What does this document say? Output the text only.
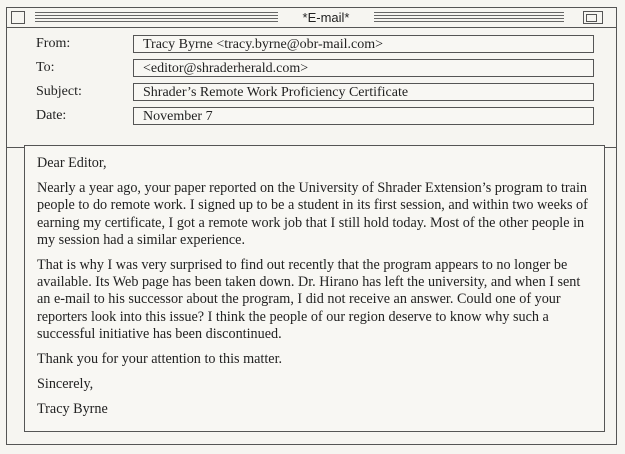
*E-mail*
From:	Tracy Byrne <tracy.byrne@obr-mail.com>
To:	<editor@shraderherald.com>
Subject:	Shrader’s Remote Work Proficiency Certificate
Date:	November 7

Dear Editor,

Nearly a year ago, your paper reported on the University of Shrader Extension’s program to train people to do remote work. I signed up to be a student in its first session, and within two weeks of earning my certificate, I got a remote work job that I still hold today. Most of the other people in my session had a similar experience.

That is why I was very surprised to find out recently that the program appears to no longer be available. Its Web page has been taken down. Dr. Hirano has left the university, and when I sent an e-mail to his successor about the program, I did not receive an answer. Could one of your reporters look into this issue? I think the people of our region deserve to know why such a successful initiative has been discontinued.

Thank you for your attention to this matter.

Sincerely,

Tracy Byrne
